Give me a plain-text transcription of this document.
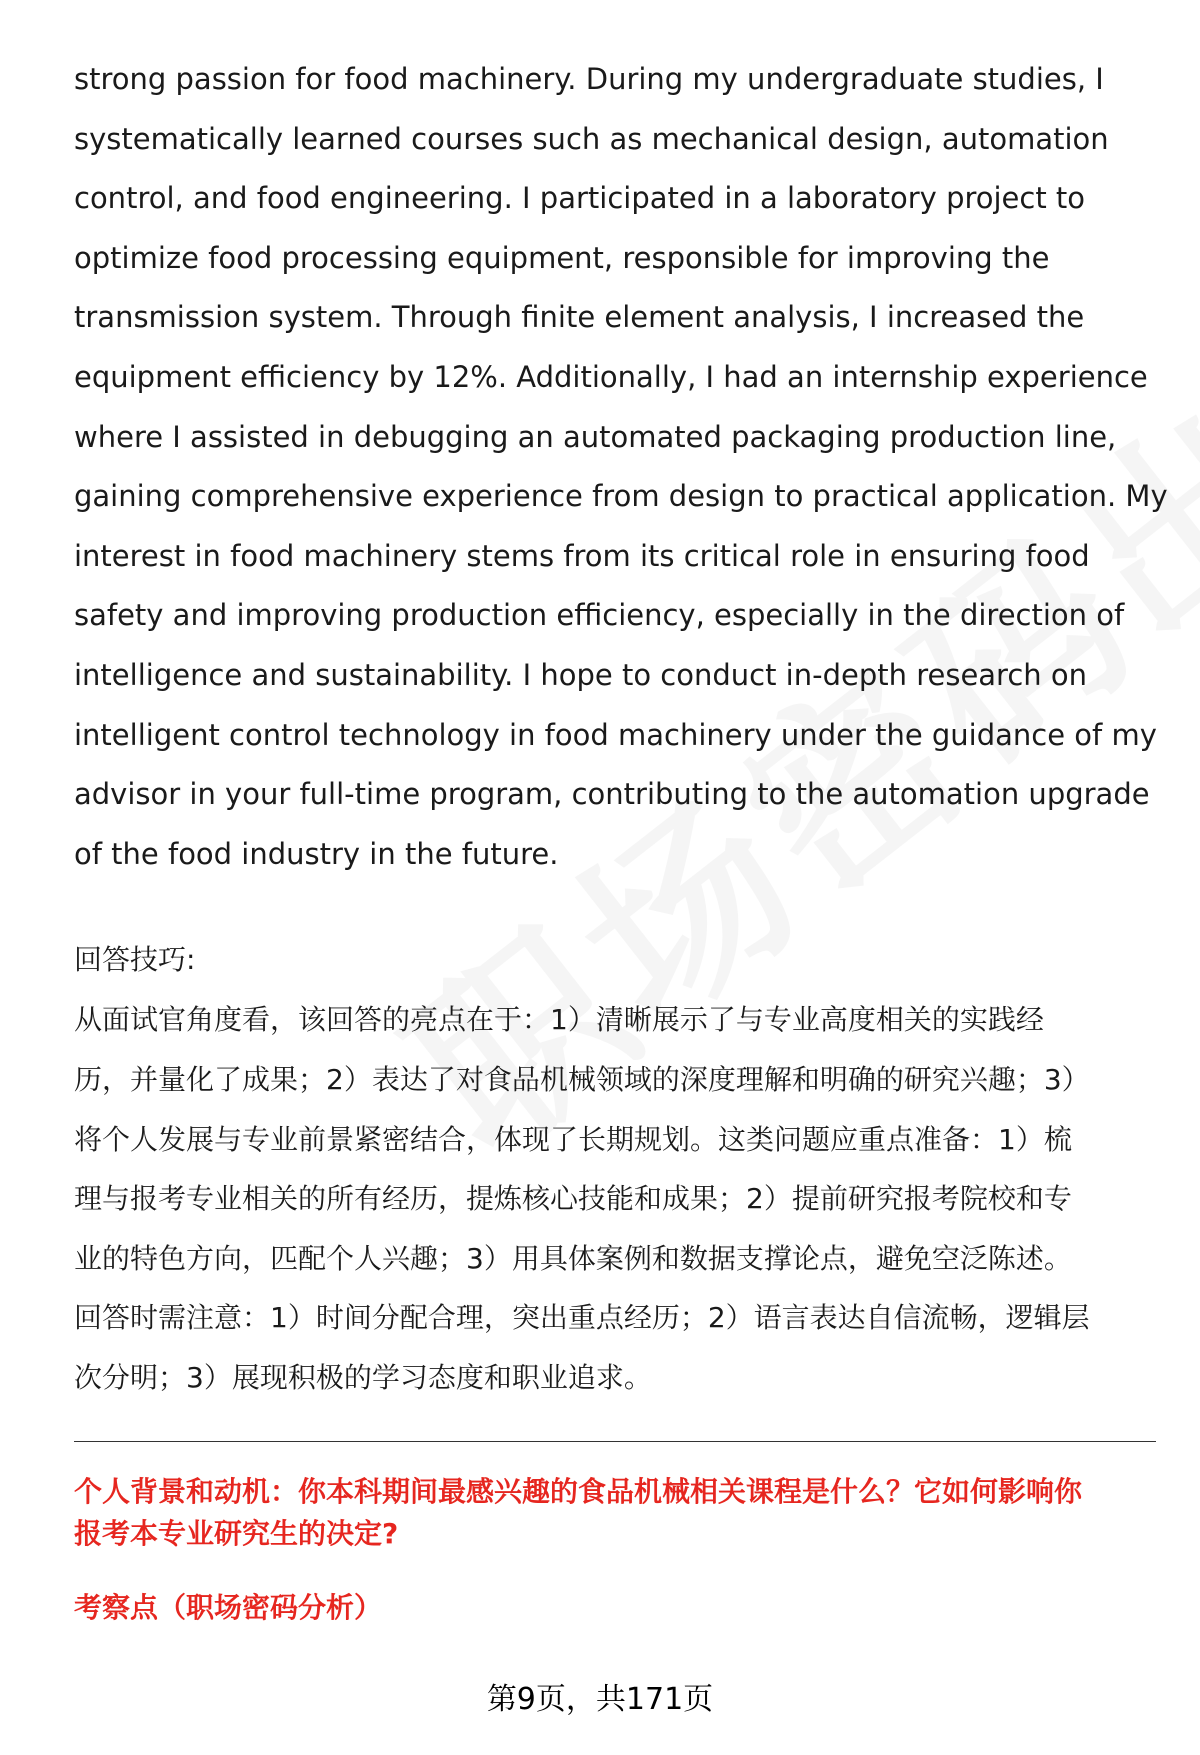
strong passion for food machinery. During my undergraduate studies, I
systematically learned courses such as mechanical design, automation
control, and food engineering. I participated in a laboratory project to
optimize food processing equipment, responsible for improving the
transmission system. Through finite element analysis, I increased the
equipment efficiency by 12%. Additionally, I had an internship experience
where I assisted in debugging an automated packaging production line,
gaining comprehensive experience from design to practical application. My
interest in food machinery stems from its critical role in ensuring food
safety and improving production efficiency, especially in the direction of
intelligence and sustainability. I hope to conduct in-depth research on
intelligent control technology in food machinery under the guidance of my
advisor in your full-time program, contributing to the automation upgrade
of the food industry in the future.

回答技巧:
从面试官角度看，该回答的亮点在于：1）清晰展示了与专业高度相关的实践经
历，并量化了成果；2）表达了对食品机械领域的深度理解和明确的研究兴趣；3）
将个人发展与专业前景紧密结合，体现了长期规划。这类问题应重点准备：1）梳
理与报考专业相关的所有经历，提炼核心技能和成果；2）提前研究报考院校和专
业的特色方向，匹配个人兴趣；3）用具体案例和数据支撑论点，避免空泛陈述。
回答时需注意：1）时间分配合理，突出重点经历；2）语言表达自信流畅，逻辑层
次分明；3）展现积极的学习态度和职业追求。
个人背景和动机：你本科期间最感兴趣的食品机械相关课程是什么？它如何影响你
报考本专业研究生的决定?
考察点（职场密码分析）
第9页，共171页
